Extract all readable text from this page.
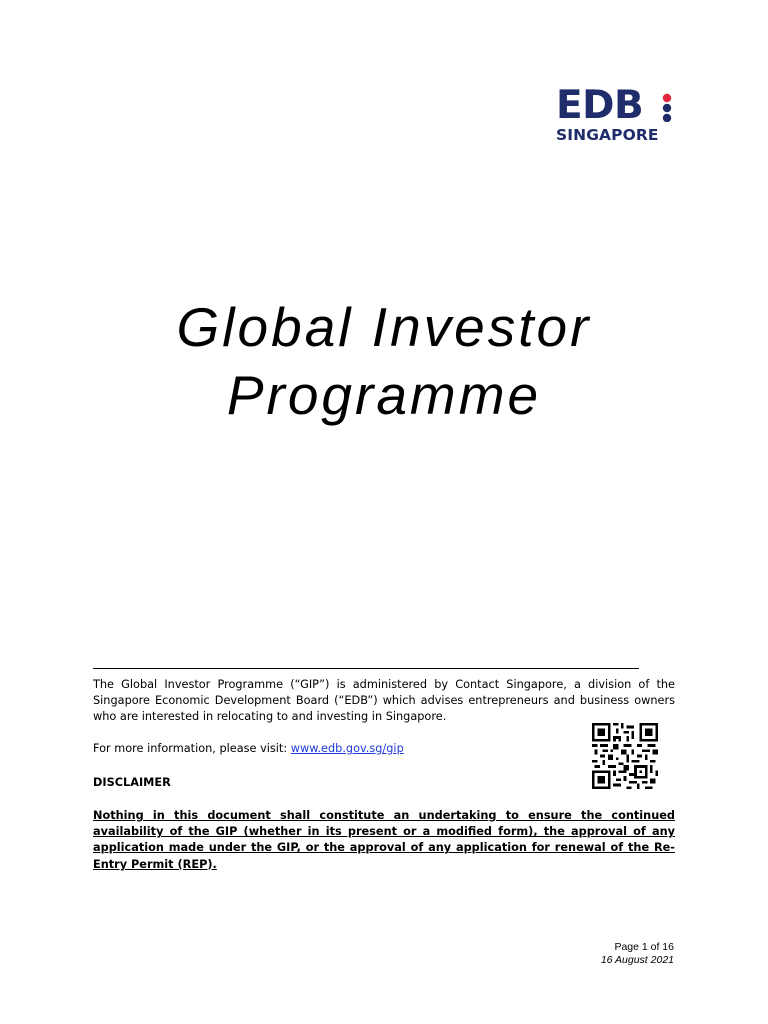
EDB
SINGAPORE
Global Investor
Programme

The Global Investor Programme (“GIP”) is administered by Contact Singapore, a division of the Singapore Economic Development Board (“EDB”) which advises entrepreneurs and business owners who are interested in relocating to and investing in Singapore.

For more information, please visit: www.edb.gov.sg/gip
DISCLAIMER
Nothing in this document shall constitute an undertaking to ensure the continued availability of the GIP (whether in its present or a modified form), the approval of any application made under the GIP, or the approval of any application for renewal of the Re-Entry Permit (REP).
Page 1 of 16
16 August 2021
